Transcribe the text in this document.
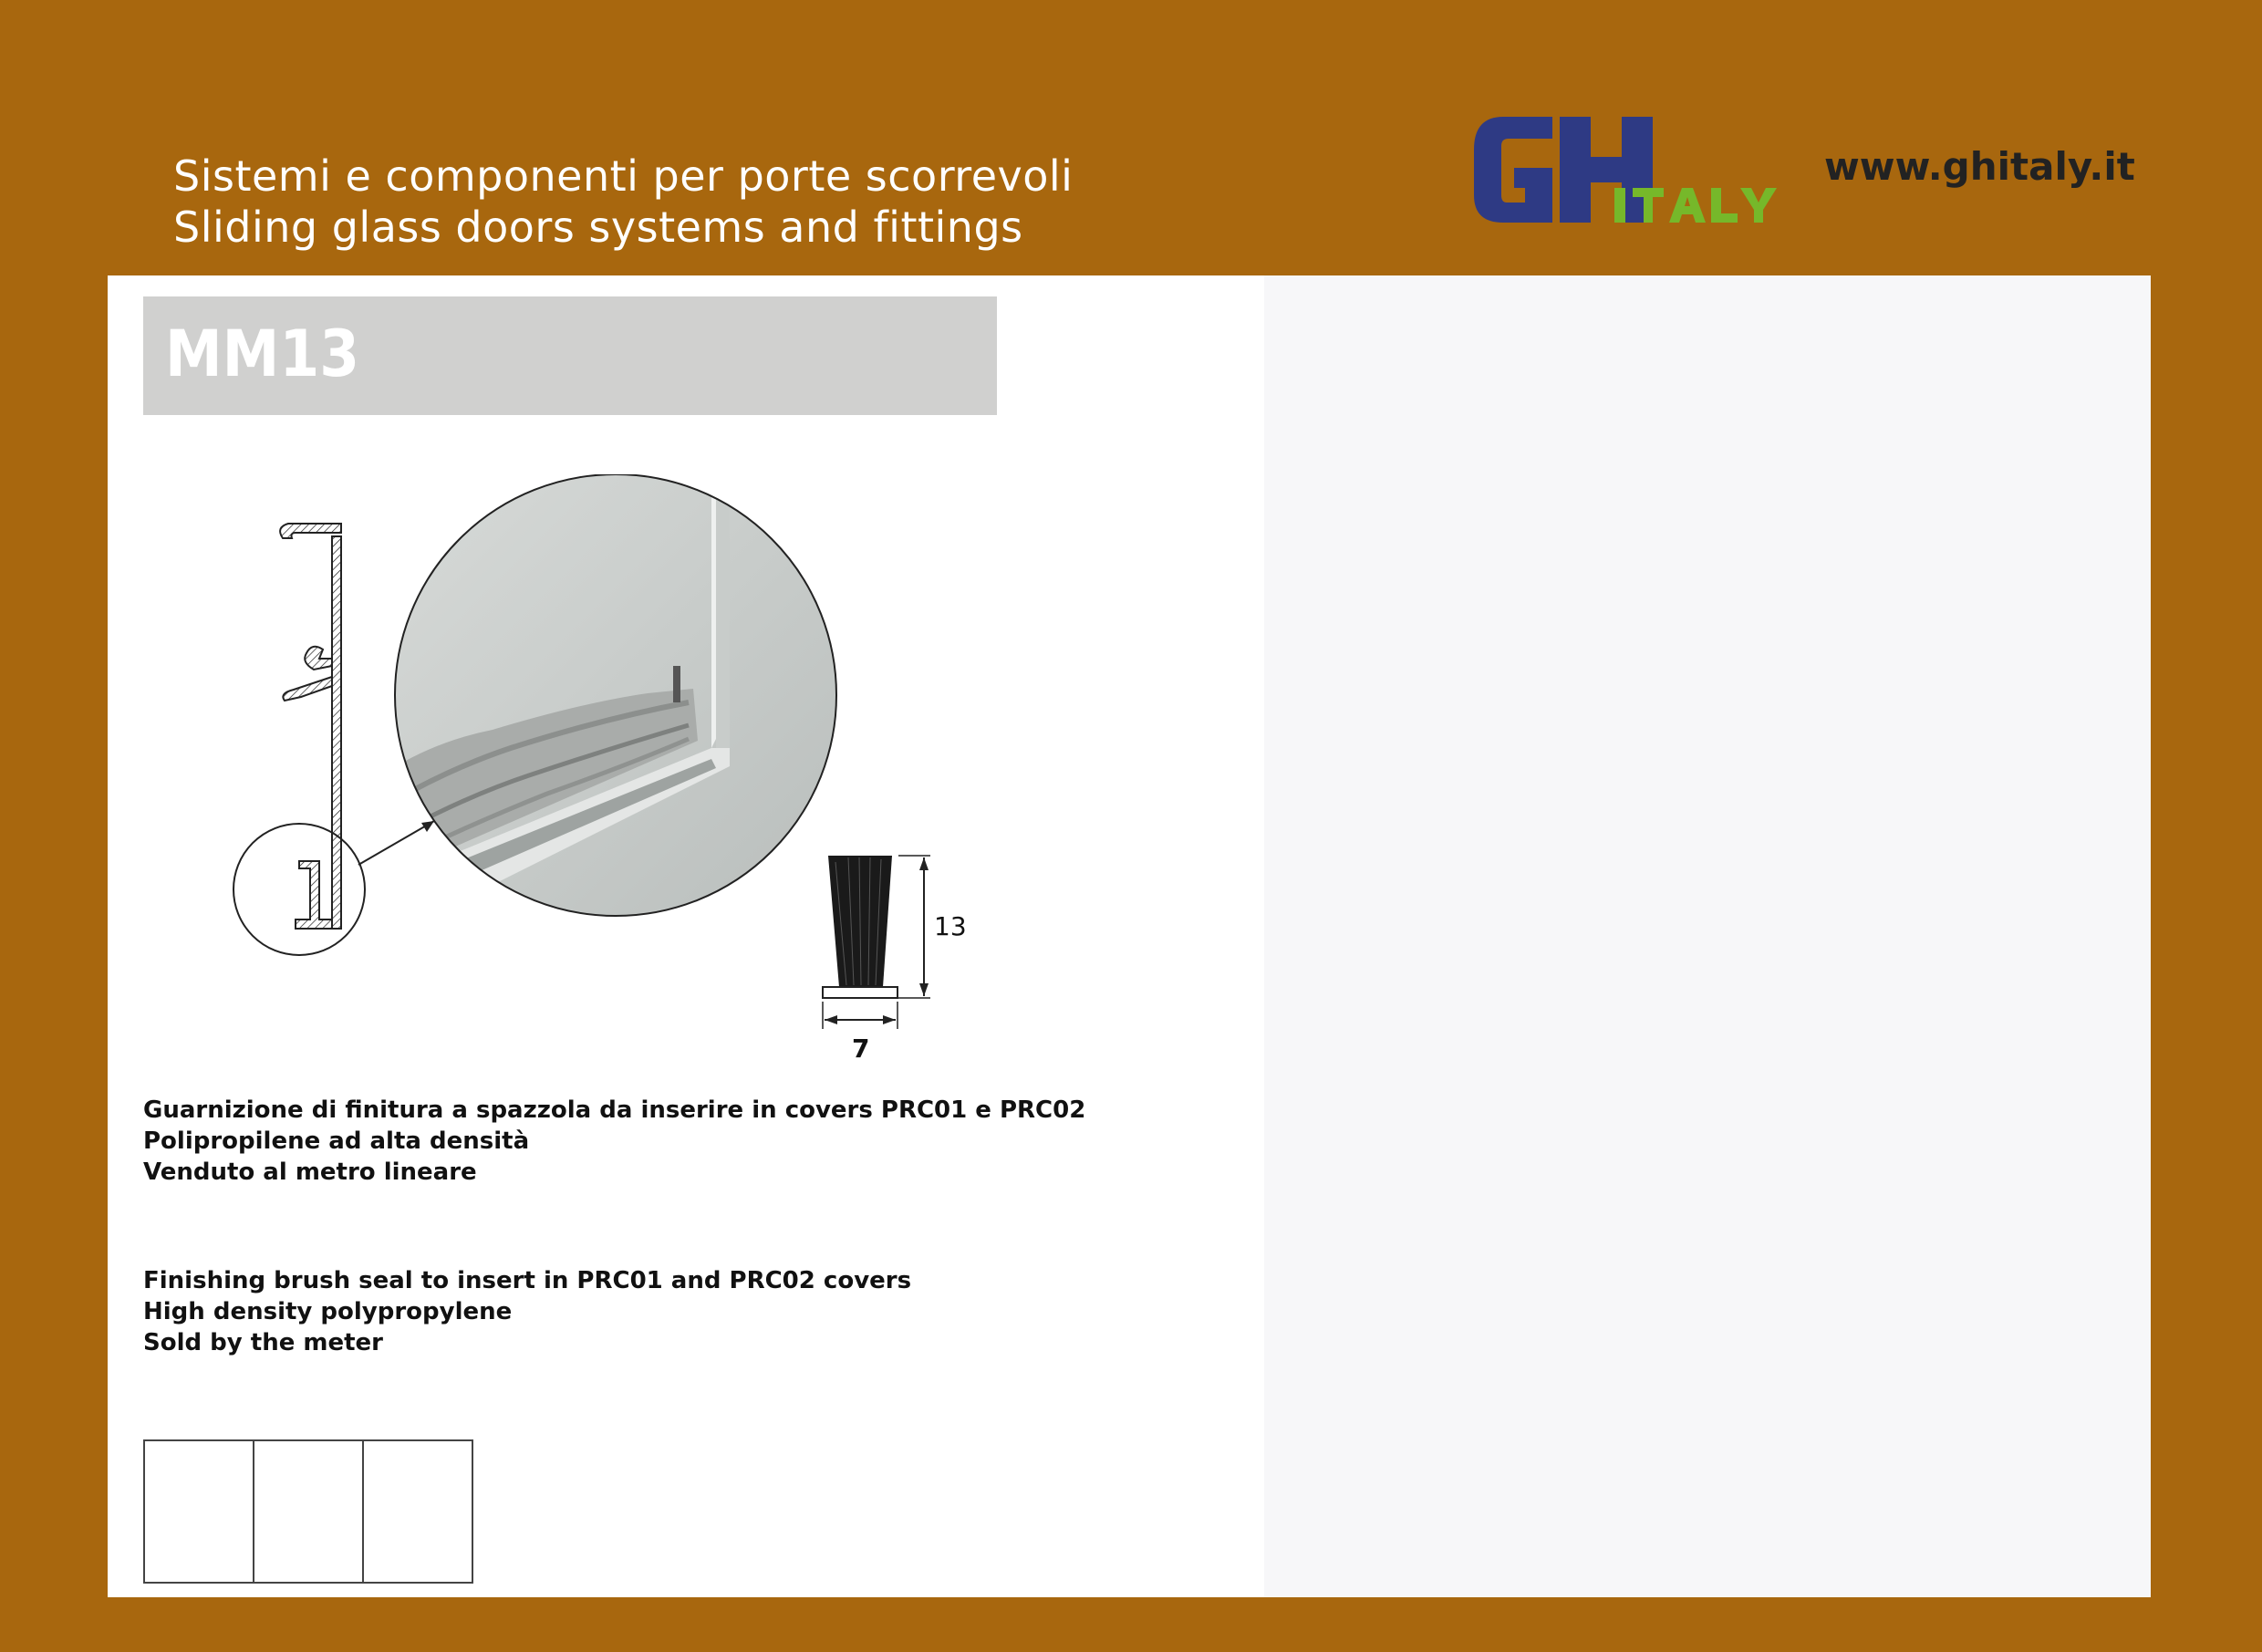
Sistemi e componenti per porte scorrevoli
Sliding glass doors systems and fittings
www.ghitaly.it
MM13
13
7
Guarnizione di finitura a spazzola da inserire in covers PRC01 e PRC02
Polipropilene ad alta densità
Venduto al metro lineare
Finishing brush seal to insert in PRC01 and PRC02 covers
High density polypropylene
Sold by the meter
